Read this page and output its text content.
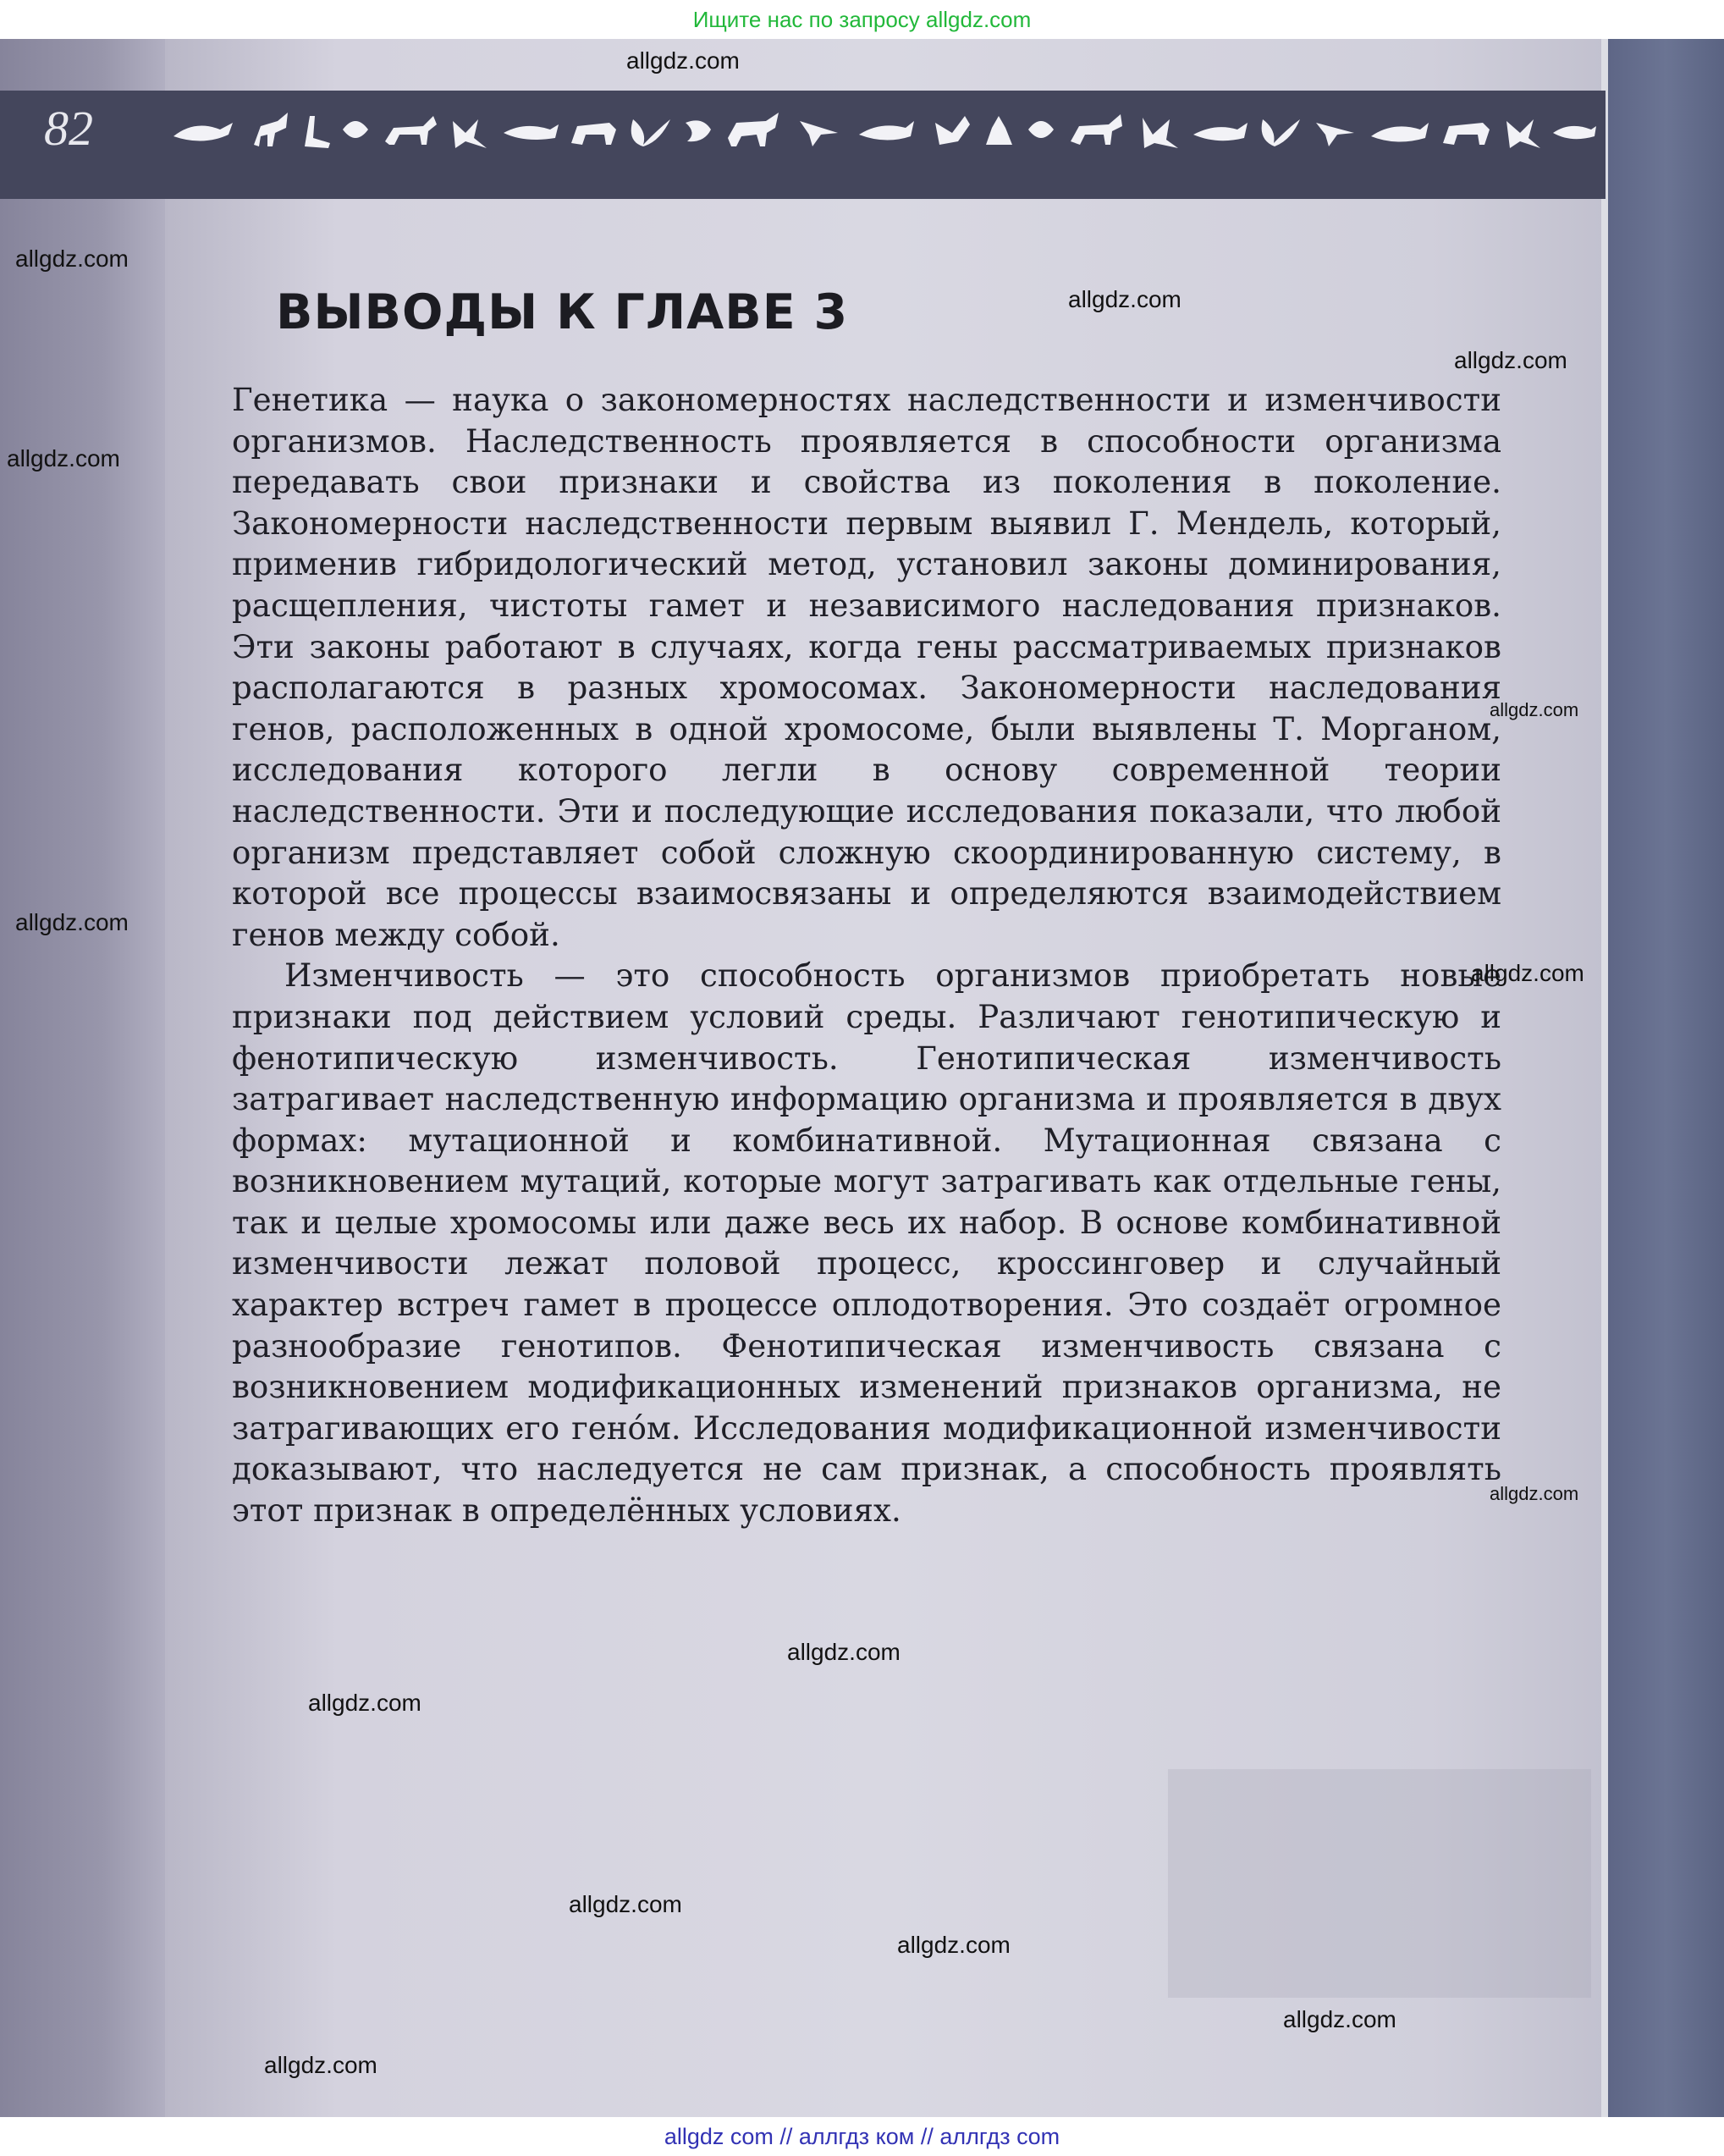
Ищите нас по запросу allgdz.com
82
ВЫВОДЫ К ГЛАВЕ 3

Генетика — наука о закономерностях наследственности и изменчивости организмов. Наследственность проявляется в способности организма передавать свои признаки и свойства из поколения в поколение. Закономерности наследственности первым выявил Г. Мендель, который, применив гибридологический метод, установил законы доминирования, расщепления, чистоты гамет и независимого наследования признаков. Эти законы работают в случаях, когда гены рассматриваемых признаков располагаются в разных хромосомах. Закономерности наследования генов, расположенных в одной хромосоме, были выявлены Т. Морганом, исследования которого легли в основу современной теории наследственности. Эти и последующие исследования показали, что любой организм представляет собой сложную скоординированную систему, в которой все процессы взаимосвязаны и определяются взаимодействием генов между собой.

Изменчивость — это способность организмов приобретать новые признаки под действием условий среды. Различают генотипическую и фенотипическую изменчивость. Генотипическая изменчивость затрагивает наследственную информацию организма и проявляется в двух формах: мутационной и комбинативной. Мутационная связана с возникновением мутаций, которые могут затрагивать как отдельные гены, так и целые хромосомы или даже весь их набор. В основе комбинативной изменчивости лежат половой процесс, кроссинговер и случайный характер встреч гамет в процессе оплодотворения. Это создаёт огромное разнообразие генотипов. Фенотипическая изменчивость связана с возникновением модификационных изменений признаков организма, не затрагивающих его гено́м. Исследования модификационной изменчивости доказывают, что наследуется не сам признак, а способность проявлять этот признак в определённых условиях.

allgdz.com
allgdz.com
allgdz.com
allgdz.com
allgdz.com
allgdz.com
allgdz.com
allgdz.com
allgdz.com
allgdz.com
allgdz.com
allgdz.com
allgdz.com
allgdz.com
allgdz.com
allgdz com // аллгдз ком // аллгдз com
